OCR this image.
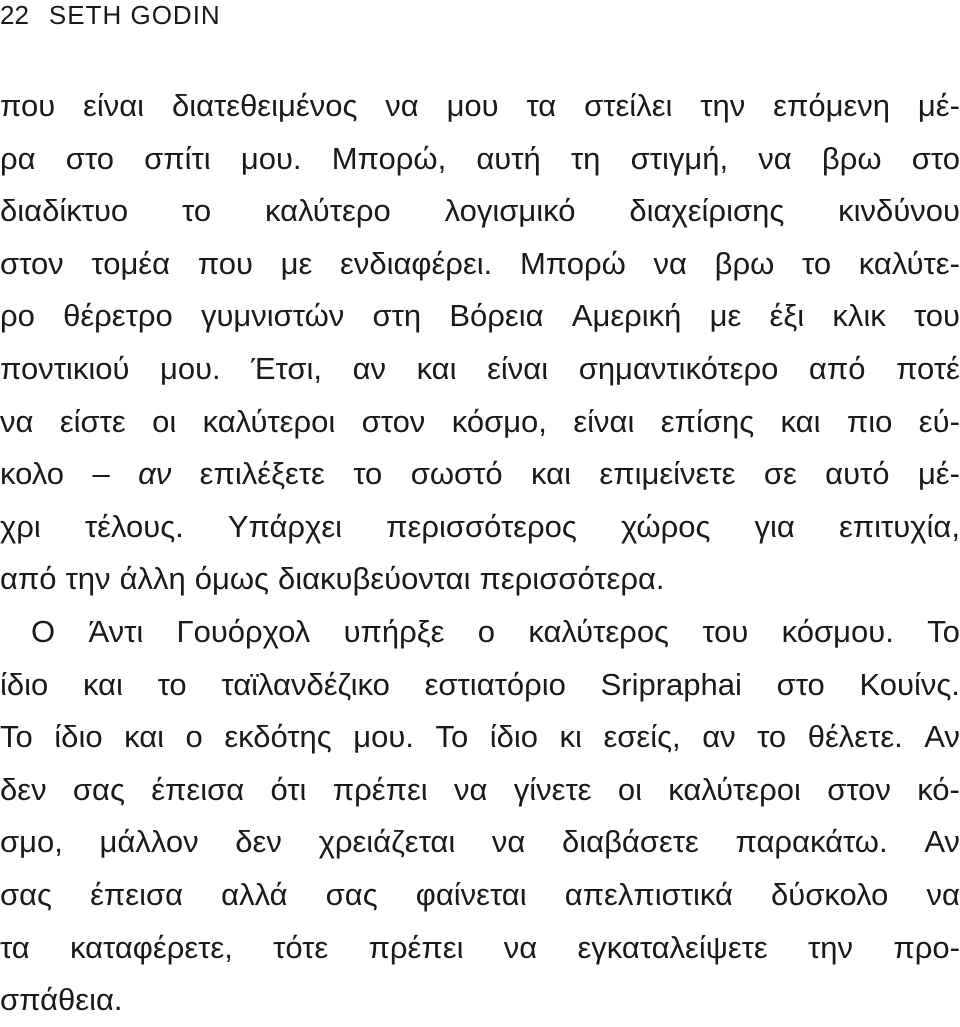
22 SETH GODIN
που είναι διατεθειμένος να μου τα στείλει την επόμενη μέ-
ρα στο σπίτι μου. Μπορώ, αυτή τη στιγμή, να βρω στο
διαδίκτυο το καλύτερο λογισμικό διαχείρισης κινδύνου
στον τομέα που με ενδιαφέρει. Μπορώ να βρω το καλύτε-
ρο θέρετρο γυμνιστών στη Βόρεια Αμερική με έξι κλικ του
ποντικιού μου. Έτσι, αν και είναι σημαντικότερο από ποτέ
να είστε οι καλύτεροι στον κόσμο, είναι επίσης και πιο εύ-
κολο – αν επιλέξετε το σωστό και επιμείνετε σε αυτό μέ-
χρι τέλους. Υπάρχει περισσότερος χώρος για επιτυχία,
από την άλλη όμως διακυβεύονται περισσότερα.
Ο Άντι Γουόρχολ υπήρξε ο καλύτερος του κόσμου. Το
ίδιο και το ταϊλανδέζικο εστιατόριο Sripraphai στο Κουίνς.
Το ίδιο και ο εκδότης μου. Το ίδιο κι εσείς, αν το θέλετε. Αν
δεν σας έπεισα ότι πρέπει να γίνετε οι καλύτεροι στον κό-
σμο, μάλλον δεν χρειάζεται να διαβάσετε παρακάτω. Αν
σας έπεισα αλλά σας φαίνεται απελπιστικά δύσκολο να
τα καταφέρετε, τότε πρέπει να εγκαταλείψετε την προ-
σπάθεια.
